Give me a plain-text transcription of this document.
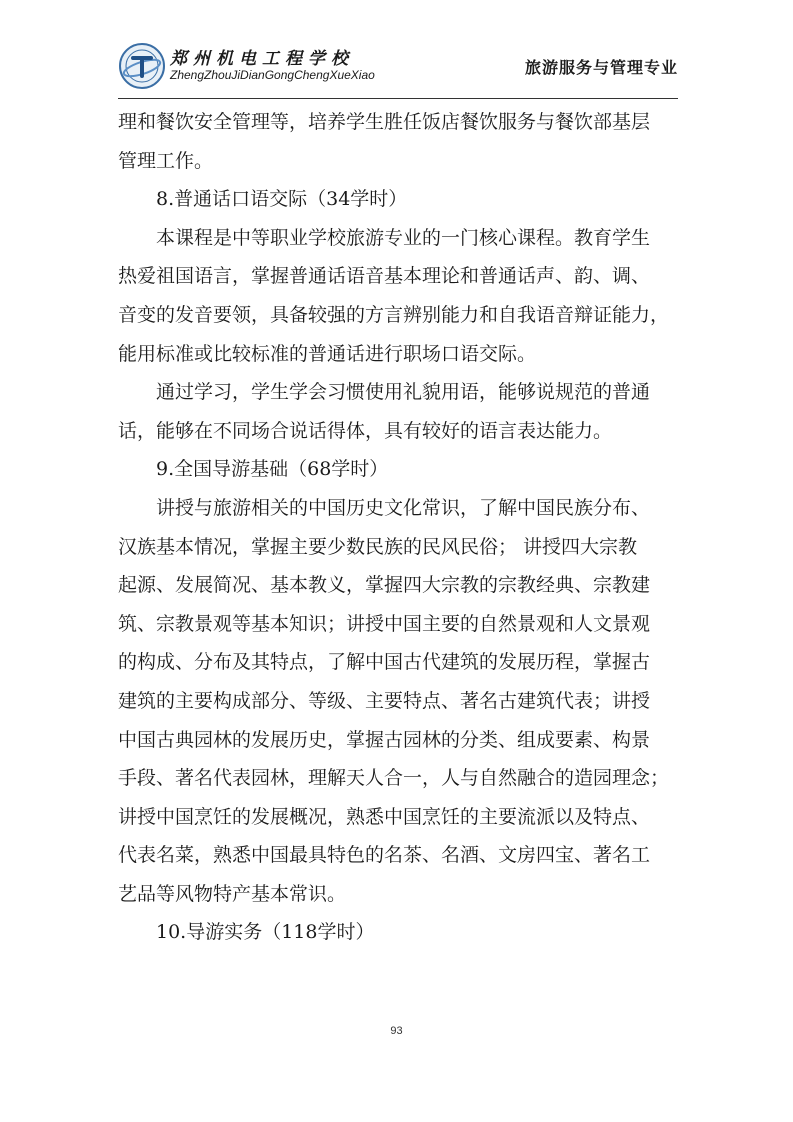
郑州机电工程学校
ZhengZhouJiDianGongChengXueXiao	旅游服务与管理专业
理和餐饮安全管理等，培养学生胜任饭店餐饮服务与餐饮部基层
管理工作。
8.普通话口语交际（34学时）
本课程是中等职业学校旅游专业的一门核心课程。教育学生
热爱祖国语言，掌握普通话语音基本理论和普通话声、韵、调、
音变的发音要领，具备较强的方言辨别能力和自我语音辩证能力，
能用标准或比较标准的普通话进行职场口语交际。
通过学习，学生学会习惯使用礼貌用语，能够说规范的普通
话，能够在不同场合说话得体，具有较好的语言表达能力。
9.全国导游基础（68学时）
讲授与旅游相关的中国历史文化常识，了解中国民族分布、
汉族基本情况，掌握主要少数民族的民风民俗； 讲授四大宗教
起源、发展简况、基本教义，掌握四大宗教的宗教经典、宗教建
筑、宗教景观等基本知识；讲授中国主要的自然景观和人文景观
的构成、分布及其特点，了解中国古代建筑的发展历程，掌握古
建筑的主要构成部分、等级、主要特点、著名古建筑代表；讲授
中国古典园林的发展历史，掌握古园林的分类、组成要素、构景
手段、著名代表园林，理解天人合一，人与自然融合的造园理念；
讲授中国烹饪的发展概况，熟悉中国烹饪的主要流派以及特点、
代表名菜，熟悉中国最具特色的名茶、名酒、文房四宝、著名工
艺品等风物特产基本常识。
10.导游实务（118学时）
93
